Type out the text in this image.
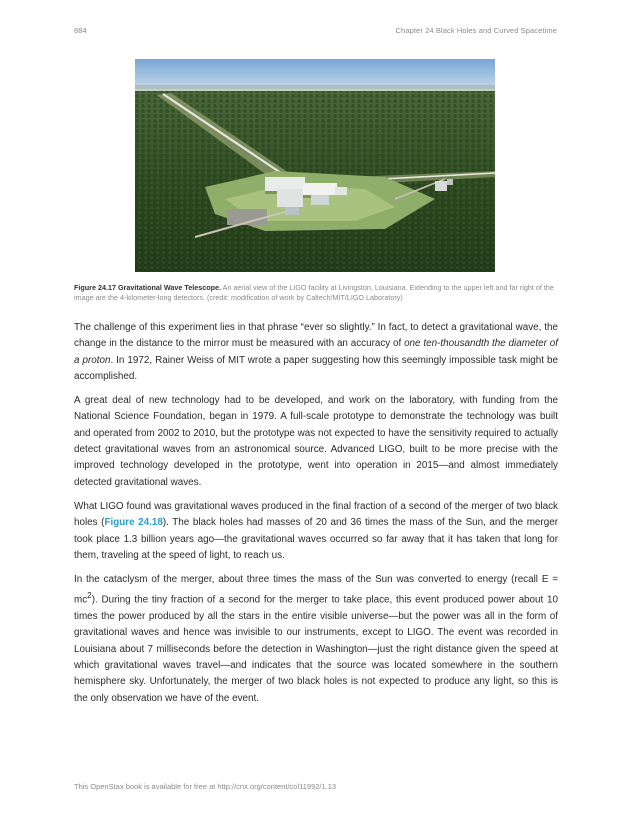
884	Chapter 24 Black Holes and Curved Spacetime
Figure 24.17 Gravitational Wave Telescope. An aerial view of the LIGO facility at Livingston, Louisiana. Extending to the upper left and far right of the image are the 4-kilometer-long detectors. (credit: modification of work by Caltech/MIT/LIGO Laboratory)

The challenge of this experiment lies in that phrase “ever so slightly.” In fact, to detect a gravitational wave, the change in the distance to the mirror must be measured with an accuracy of one ten-thousandth the diameter of a proton. In 1972, Rainer Weiss of MIT wrote a paper suggesting how this seemingly impossible task might be accomplished.

A great deal of new technology had to be developed, and work on the laboratory, with funding from the National Science Foundation, began in 1979. A full-scale prototype to demonstrate the technology was built and operated from 2002 to 2010, but the prototype was not expected to have the sensitivity required to actually detect gravitational waves from an astronomical source. Advanced LIGO, built to be more precise with the improved technology developed in the prototype, went into operation in 2015—and almost immediately detected gravitational waves.

What LIGO found was gravitational waves produced in the final fraction of a second of the merger of two black holes (Figure 24.18). The black holes had masses of 20 and 36 times the mass of the Sun, and the merger took place 1.3 billion years ago—the gravitational waves occurred so far away that it has taken that long for them, traveling at the speed of light, to reach us.

In the cataclysm of the merger, about three times the mass of the Sun was converted to energy (recall $E = mc^2$). During the tiny fraction of a second for the merger to take place, this event produced power about 10 times the power produced by all the stars in the entire visible universe—but the power was all in the form of gravitational waves and hence was invisible to our instruments, except to LIGO. The event was recorded in Louisiana about 7 milliseconds before the detection in Washington—just the right distance given the speed at which gravitational waves travel—and indicates that the source was located somewhere in the southern hemisphere sky. Unfortunately, the merger of two black holes is not expected to produce any light, so this is the only observation we have of the event.

This OpenStax book is available for free at http://cnx.org/content/col11992/1.13
